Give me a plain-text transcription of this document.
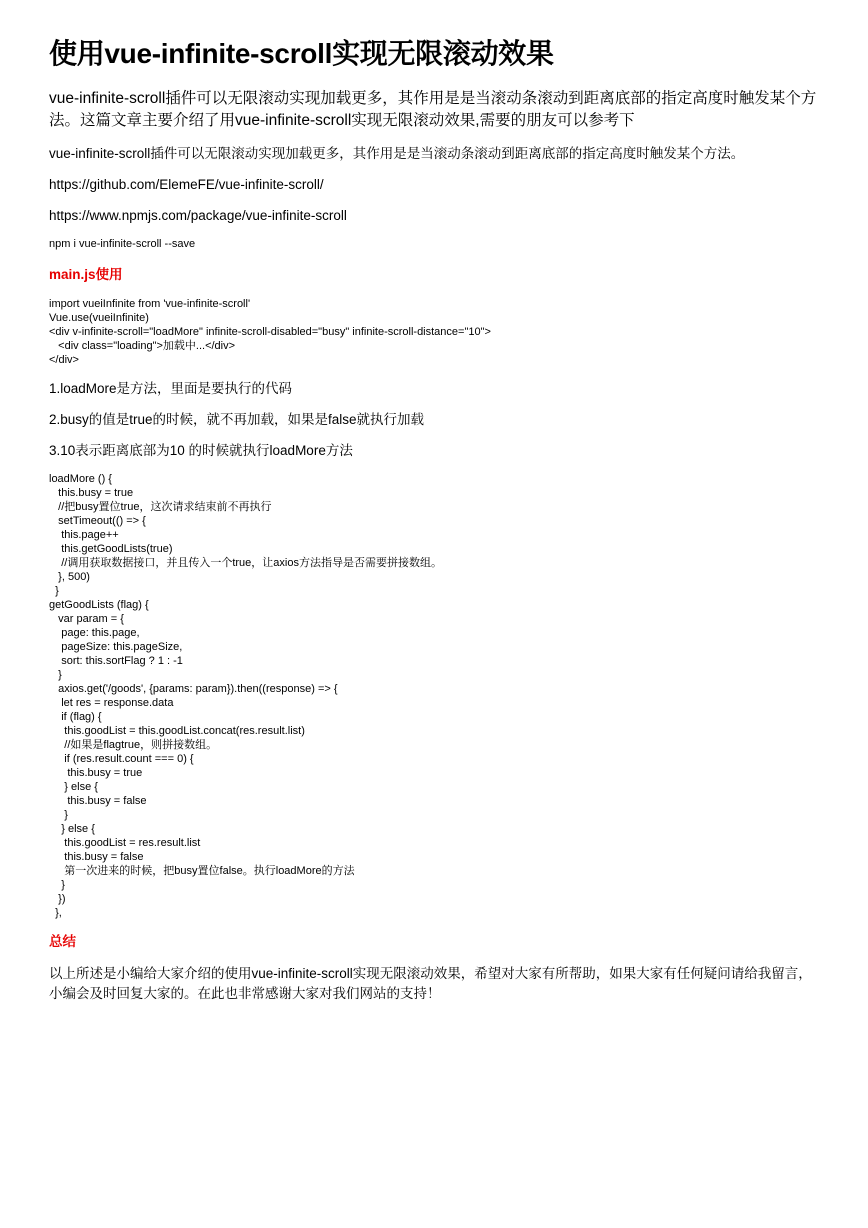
使用vue-infinite-scroll实现无限滚动效果

vue-infinite-scroll插件可以无限滚动实现加载更多，其作用是是当滚动条滚动到距离底部的指定高度时触发某个方法。这篇文章主要介绍了用vue-infinite-scroll实现无限滚动效果,需要的朋友可以参考下

vue-infinite-scroll插件可以无限滚动实现加载更多，其作用是是当滚动条滚动到距离底部的指定高度时触发某个方法。

https://github.com/ElemeFE/vue-infinite-scroll/

https://www.npmjs.com/package/vue-infinite-scroll

npm i vue-infinite-scroll --save

main.js使用
import vueiInfinite from 'vue-infinite-scroll'
Vue.use(vueiInfinite)
<div v-infinite-scroll="loadMore" infinite-scroll-disabled="busy" infinite-scroll-distance="10">
<div class="loading">加载中...</div>
</div>

1.loadMore是方法，里面是要执行的代码

2.busy的值是true的时候，就不再加载，如果是false就执行加载

3.10表示距离底部为10 的时候就执行loadMore方法

loadMore () {
this.busy = true
//把busy置位true，这次请求结束前不再执行
setTimeout(() => {
this.page++
this.getGoodLists(true)
//调用获取数据接口，并且传入一个true，让axios方法指导是否需要拼接数组。
}, 500)
}
getGoodLists (flag) {
var param = {
page: this.page,
pageSize: this.pageSize,
sort: this.sortFlag ? 1 : -1
}
axios.get('/goods', {params: param}).then((response) => {
let res = response.data
if (flag) {
this.goodList = this.goodList.concat(res.result.list)
//如果是flagtrue，则拼接数组。
if (res.result.count === 0) {
this.busy = true
} else {
this.busy = false
}
} else {
this.goodList = res.result.list
this.busy = false
第一次进来的时候，把busy置位false。执行loadMore的方法
}
})
},
总结

以上所述是小编给大家介绍的使用vue-infinite-scroll实现无限滚动效果，希望对大家有所帮助，如果大家有任何疑问请给我留言，小编会及时回复大家的。在此也非常感谢大家对我们网站的支持！
